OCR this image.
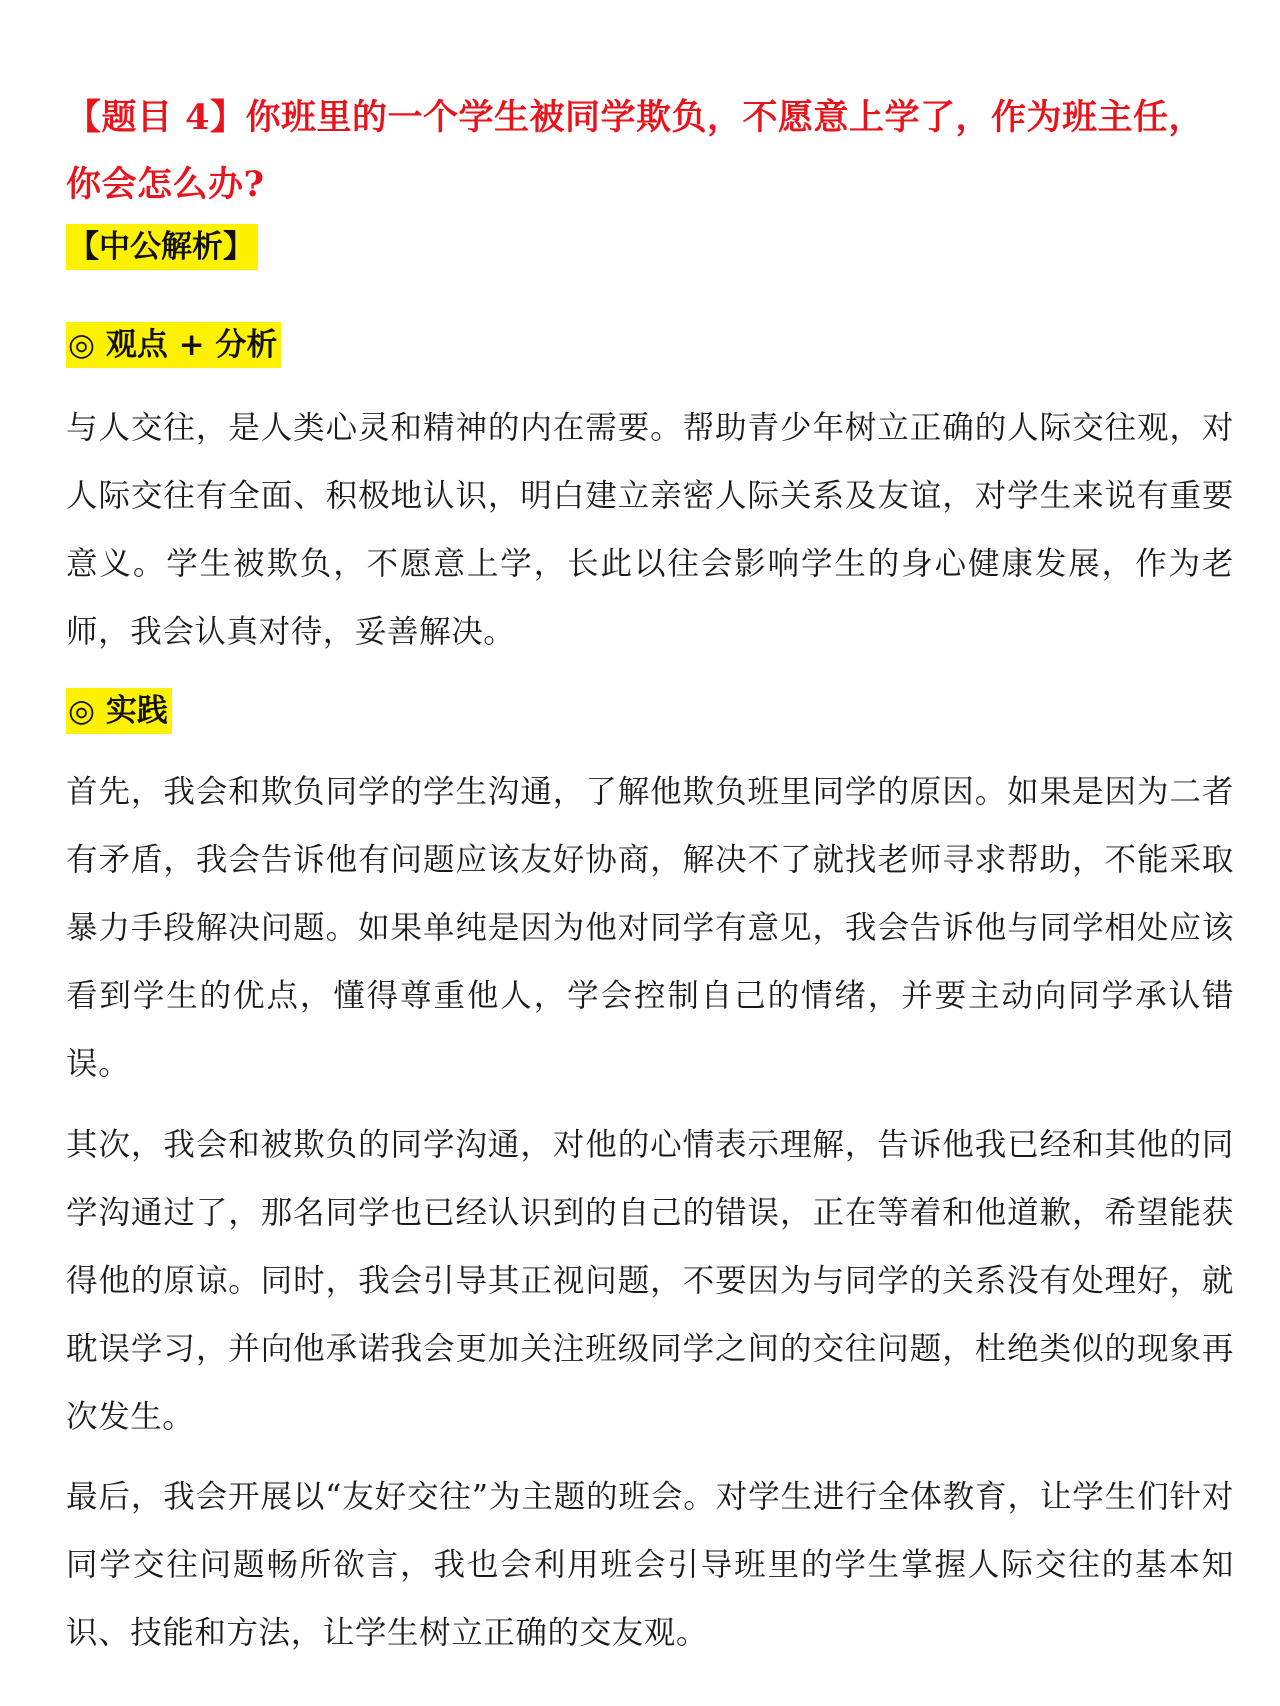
【题目 4】你班里的一个学生被同学欺负，不愿意上学了，作为班主任，你会怎么办?
【中公解析】
◎ 观点 + 分析

与人交往，是人类心灵和精神的内在需要。帮助青少年树立正确的人际交往观，对人际交往有全面、积极地认识，明白建立亲密人际关系及友谊，对学生来说有重要意义。学生被欺负，不愿意上学，长此以往会影响学生的身心健康发展，作为老师，我会认真对待，妥善解决。

◎ 实践

首先，我会和欺负同学的学生沟通，了解他欺负班里同学的原因。如果是因为二者有矛盾，我会告诉他有问题应该友好协商，解决不了就找老师寻求帮助，不能采取暴力手段解决问题。如果单纯是因为他对同学有意见，我会告诉他与同学相处应该看到学生的优点，懂得尊重他人，学会控制自己的情绪，并要主动向同学承认错误。

其次，我会和被欺负的同学沟通，对他的心情表示理解，告诉他我已经和其他的同学沟通过了，那名同学也已经认识到的自己的错误，正在等着和他道歉，希望能获得他的原谅。同时，我会引导其正视问题，不要因为与同学的关系没有处理好，就耽误学习，并向他承诺我会更加关注班级同学之间的交往问题，杜绝类似的现象再次发生。

最后，我会开展以“友好交往”为主题的班会。对学生进行全体教育，让学生们针对同学交往问题畅所欲言，我也会利用班会引导班里的学生掌握人际交往的基本知识、技能和方法，让学生树立正确的交友观。
